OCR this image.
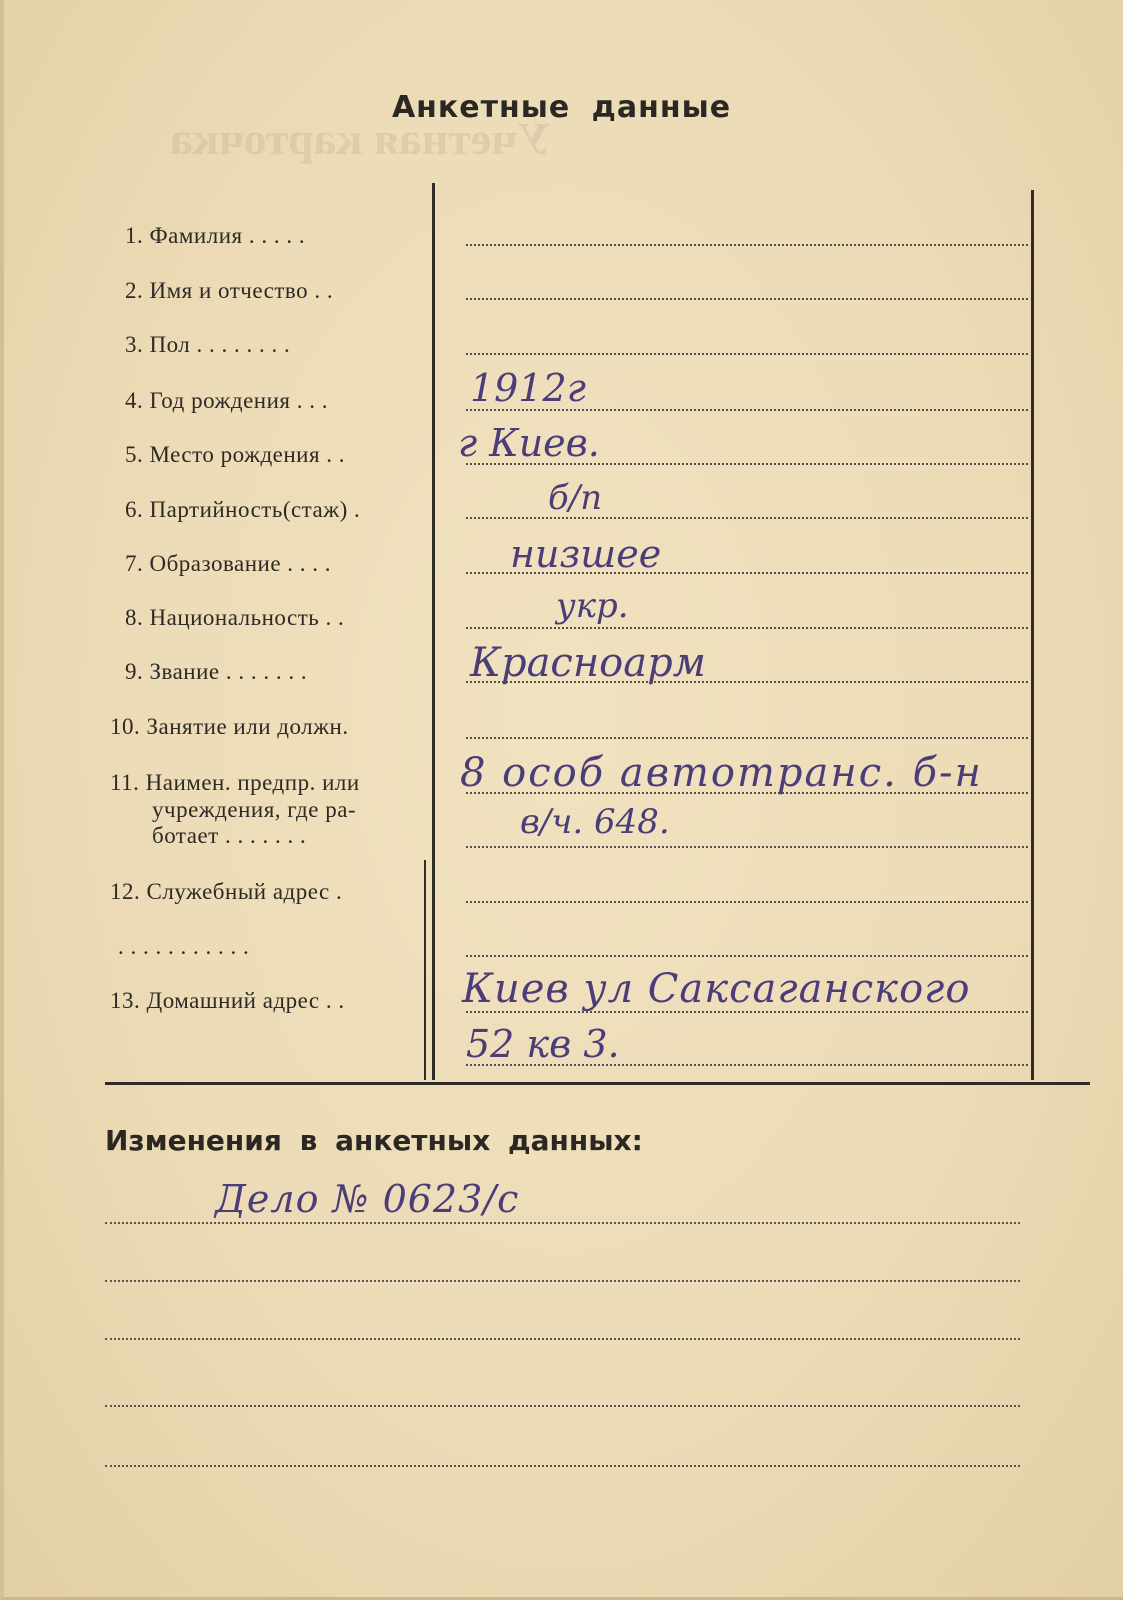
Учетная карточка
Анкетные данные
1. Фамилия . . . . .
2. Имя и отчество . .
3. Пол . . . . . . . .
4. Год рождения . . .
5. Место рождения . .
6. Партийность(стаж) .
7. Образование . . . .
8. Национальность . .
9. Звание . . . . . . .
10. Занятие или должн.
11. Наимен. предпр. или
учреждения, где ра-
ботает . . . . . . .
12. Служебный адрес .
. . . . . . . . . . .
13. Домашний адрес . .
1912г
г Киев.
б/п
низшее
укр.
Красноарм
8 особ автотранс. б-н
в/ч. 648.
Киев ул Саксаганского
52 кв 3.
Изменения в анкетных данных:
Дело № 0623/с
